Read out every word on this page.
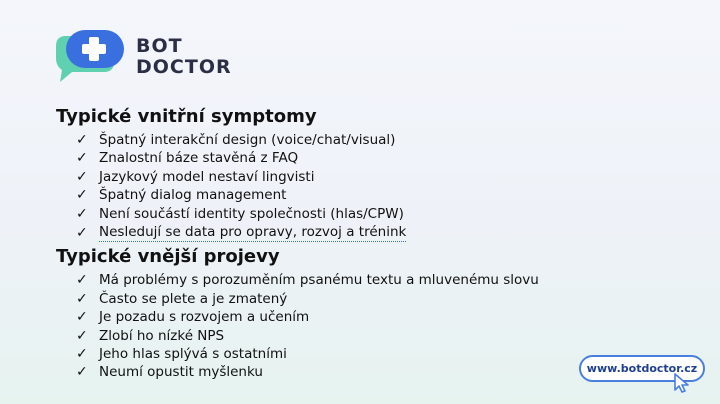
BOT
DOCTOR
Typické vnitřní symptomy
✓ Špatný interakční design (voice/chat/visual)
✓ Znalostní báze stavěná z FAQ
✓ Jazykový model nestaví lingvisti
✓ Špatný dialog management
✓ Není součástí identity společnosti (hlas/CPW)
✓ Nesledují se data pro opravy, rozvoj a trénink
Typické vnější projevy
✓ Má problémy s porozuměním psanému textu a mluvenému slovu
✓ Často se plete a je zmatený
✓ Je pozadu s rozvojem a učením
✓ Zlobí ho nízké NPS
✓ Jeho hlas splývá s ostatními
✓ Neumí opustit myšlenku	www.botdoctor.cz
